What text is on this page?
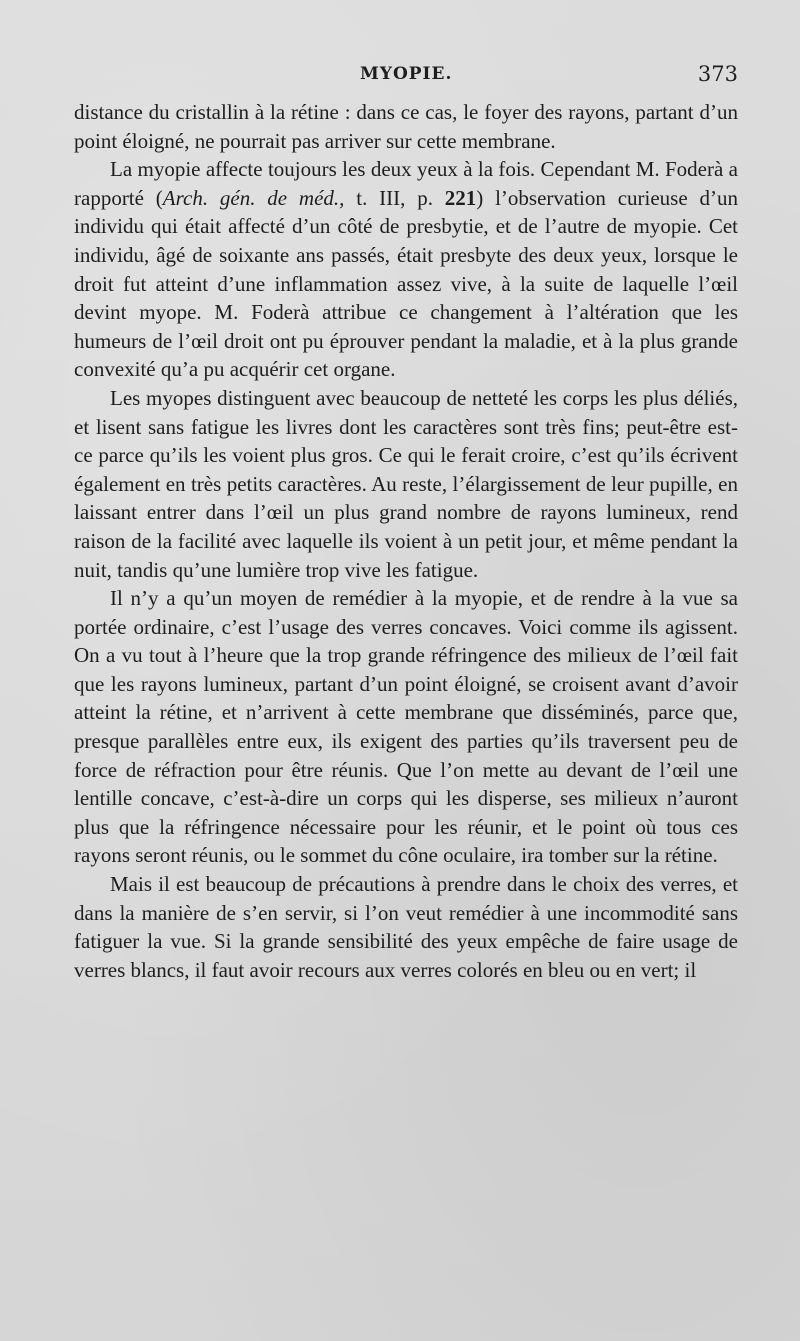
MYOPIE.	373

distance du cristallin à la rétine : dans ce cas, le foyer des rayons, partant d’un point éloigné, ne pourrait pas arriver sur cette membrane.

La myopie affecte toujours les deux yeux à la fois. Cependant M. Foderà a rapporté (Arch. gén. de méd., t. III, p. 221) l’observation curieuse d’un individu qui était affecté d’un côté de presbytie, et de l’autre de myopie. Cet individu, âgé de soixante ans passés, était presbyte des deux yeux, lorsque le droit fut atteint d’une inflammation assez vive, à la suite de laquelle l’œil devint myope. M. Foderà attribue ce changement à l’altération que les humeurs de l’œil droit ont pu éprouver pendant la maladie, et à la plus grande convexité qu’a pu acquérir cet organe.

Les myopes distinguent avec beaucoup de netteté les corps les plus déliés, et lisent sans fatigue les livres dont les caractères sont très fins; peut-être est-ce parce qu’ils les voient plus gros. Ce qui le ferait croire, c’est qu’ils écrivent également en très petits caractères. Au reste, l’élargissement de leur pupille, en laissant entrer dans l’œil un plus grand nombre de rayons lumineux, rend raison de la facilité avec laquelle ils voient à un petit jour, et même pendant la nuit, tandis qu’une lumière trop vive les fatigue.

Il n’y a qu’un moyen de remédier à la myopie, et de rendre à la vue sa portée ordinaire, c’est l’usage des verres concaves. Voici comme ils agissent. On a vu tout à l’heure que la trop grande réfringence des milieux de l’œil fait que les rayons lumineux, partant d’un point éloigné, se croisent avant d’avoir atteint la rétine, et n’arrivent à cette membrane que disséminés, parce que, presque parallèles entre eux, ils exigent des parties qu’ils traversent peu de force de réfraction pour être réunis. Que l’on mette au devant de l’œil une lentille concave, c’est-à-dire un corps qui les disperse, ses milieux n’auront plus que la réfringence nécessaire pour les réunir, et le point où tous ces rayons seront réunis, ou le sommet du cône oculaire, ira tomber sur la rétine.

Mais il est beaucoup de précautions à prendre dans le choix des verres, et dans la manière de s’en servir, si l’on veut remédier à une incommodité sans fatiguer la vue. Si la grande sensibilité des yeux empêche de faire usage de verres blancs, il faut avoir recours aux verres colorés en bleu ou en vert; il
